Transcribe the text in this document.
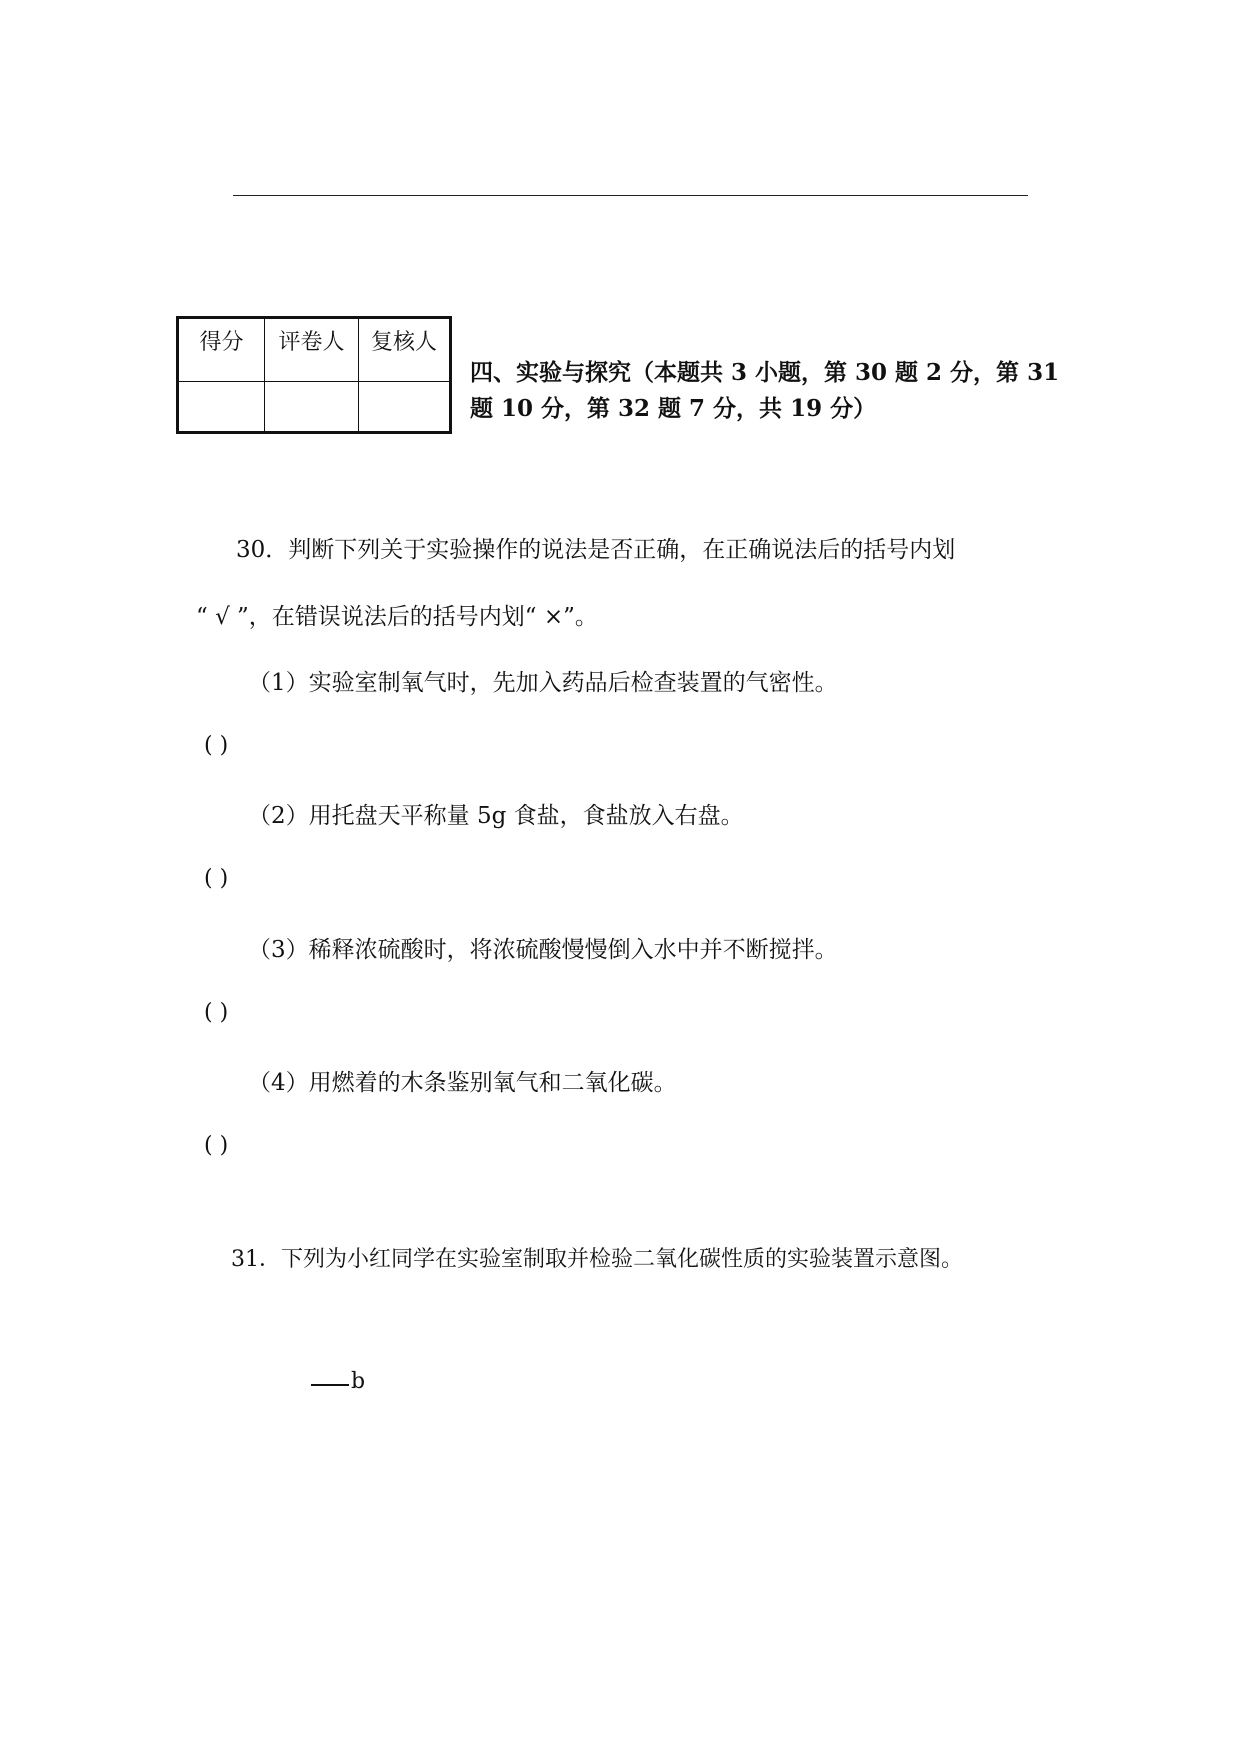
得分	评卷人	复核人
四、实验与探究（本题共 3 小题，第 30 题 2 分，第 31
题 10 分，第 32 题 7 分，共 19 分）
30．判断下列关于实验操作的说法是否正确，在正确说法后的括号内划
“ √ ”，在错误说法后的括号内划“ ×”。
（1）实验室制氧气时，先加入药品后检查装置的气密性。
( )
（2）用托盘天平称量 5g 食盐，食盐放入右盘。
( )
（3）稀释浓硫酸时，将浓硫酸慢慢倒入水中并不断搅拌。
( )
（4）用燃着的木条鉴别氧气和二氧化碳。
( )
31．下列为小红同学在实验室制取并检验二氧化碳性质的实验装置示意图。
b
